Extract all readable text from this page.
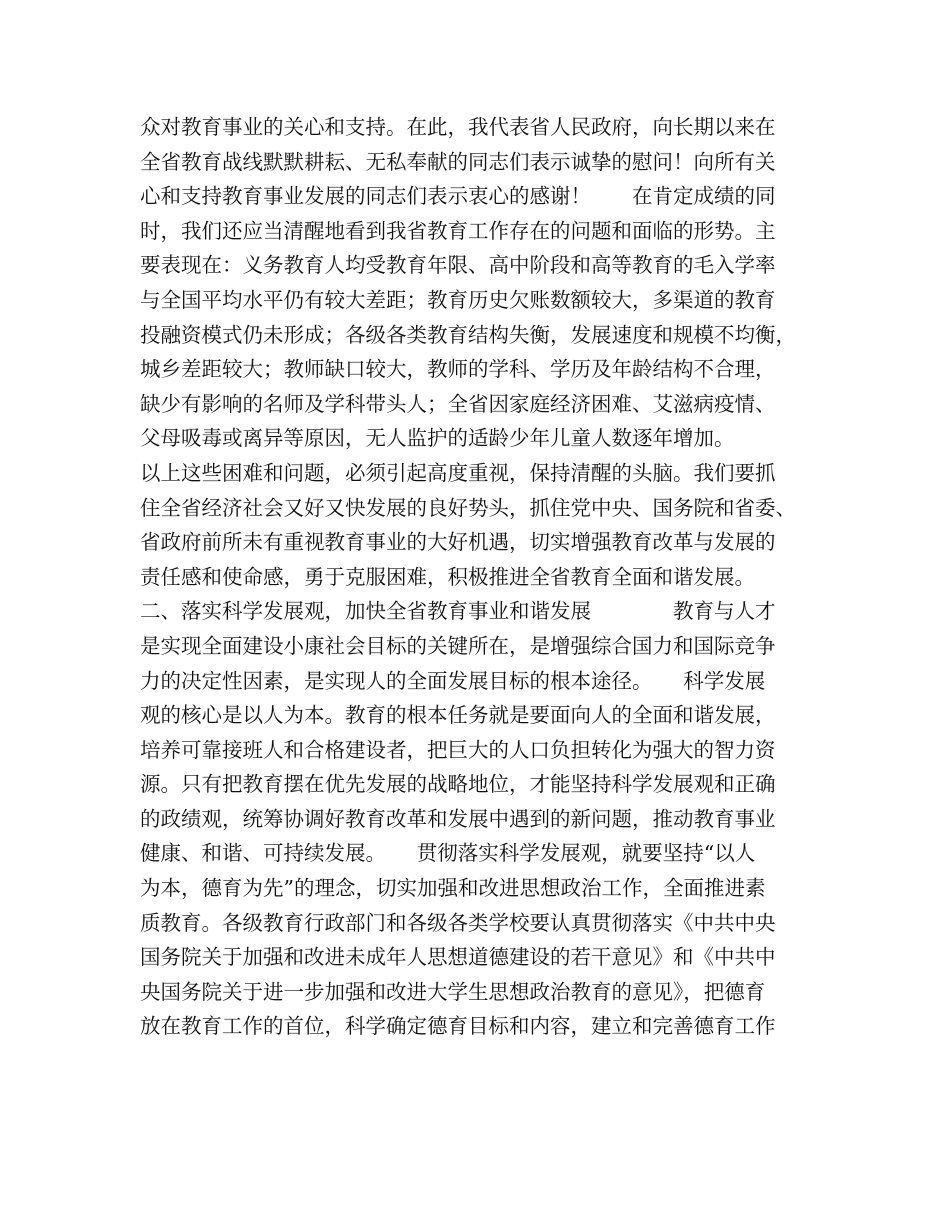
众对教育事业的关心和支持。在此，我代表省人民政府，向长期以来在
全省教育战线默默耕耘、无私奉献的同志们表示诚挚的慰问！向所有关
心和支持教育事业发展的同志们表示衷心的感谢！　　在肯定成绩的同
时，我们还应当清醒地看到我省教育工作存在的问题和面临的形势。主
要表现在：义务教育人均受教育年限、高中阶段和高等教育的毛入学率
与全国平均水平仍有较大差距；教育历史欠账数额较大，多渠道的教育
投融资模式仍未形成；各级各类教育结构失衡，发展速度和规模不均衡，
城乡差距较大；教师缺口较大，教师的学科、学历及年龄结构不合理，
缺少有影响的名师及学科带头人；全省因家庭经济困难、艾滋病疫情、
父母吸毒或离异等原因，无人监护的适龄少年儿童人数逐年增加。
以上这些困难和问题，必须引起高度重视，保持清醒的头脑。我们要抓
住全省经济社会又好又快发展的良好势头，抓住党中央、国务院和省委、
省政府前所未有重视教育事业的大好机遇，切实增强教育改革与发展的
责任感和使命感，勇于克服困难，积极推进全省教育全面和谐发展。
二、落实科学发展观，加快全省教育事业和谐发展　　　　教育与人才
是实现全面建设小康社会目标的关键所在，是增强综合国力和国际竞争
力的决定性因素，是实现人的全面发展目标的根本途径。　　科学发展
观的核心是以人为本。教育的根本任务就是要面向人的全面和谐发展，
培养可靠接班人和合格建设者，把巨大的人口负担转化为强大的智力资
源。只有把教育摆在优先发展的战略地位，才能坚持科学发展观和正确
的政绩观，统筹协调好教育改革和发展中遇到的新问题，推动教育事业
健康、和谐、可持续发展。　　贯彻落实科学发展观，就要坚持“以人
为本，德育为先”的理念，切实加强和改进思想政治工作，全面推进素
质教育。各级教育行政部门和各级各类学校要认真贯彻落实《中共中央
国务院关于加强和改进未成年人思想道德建设的若干意见》和《中共中
央国务院关于进一步加强和改进大学生思想政治教育的意见》，把德育
放在教育工作的首位，科学确定德育目标和内容，建立和完善德育工作
